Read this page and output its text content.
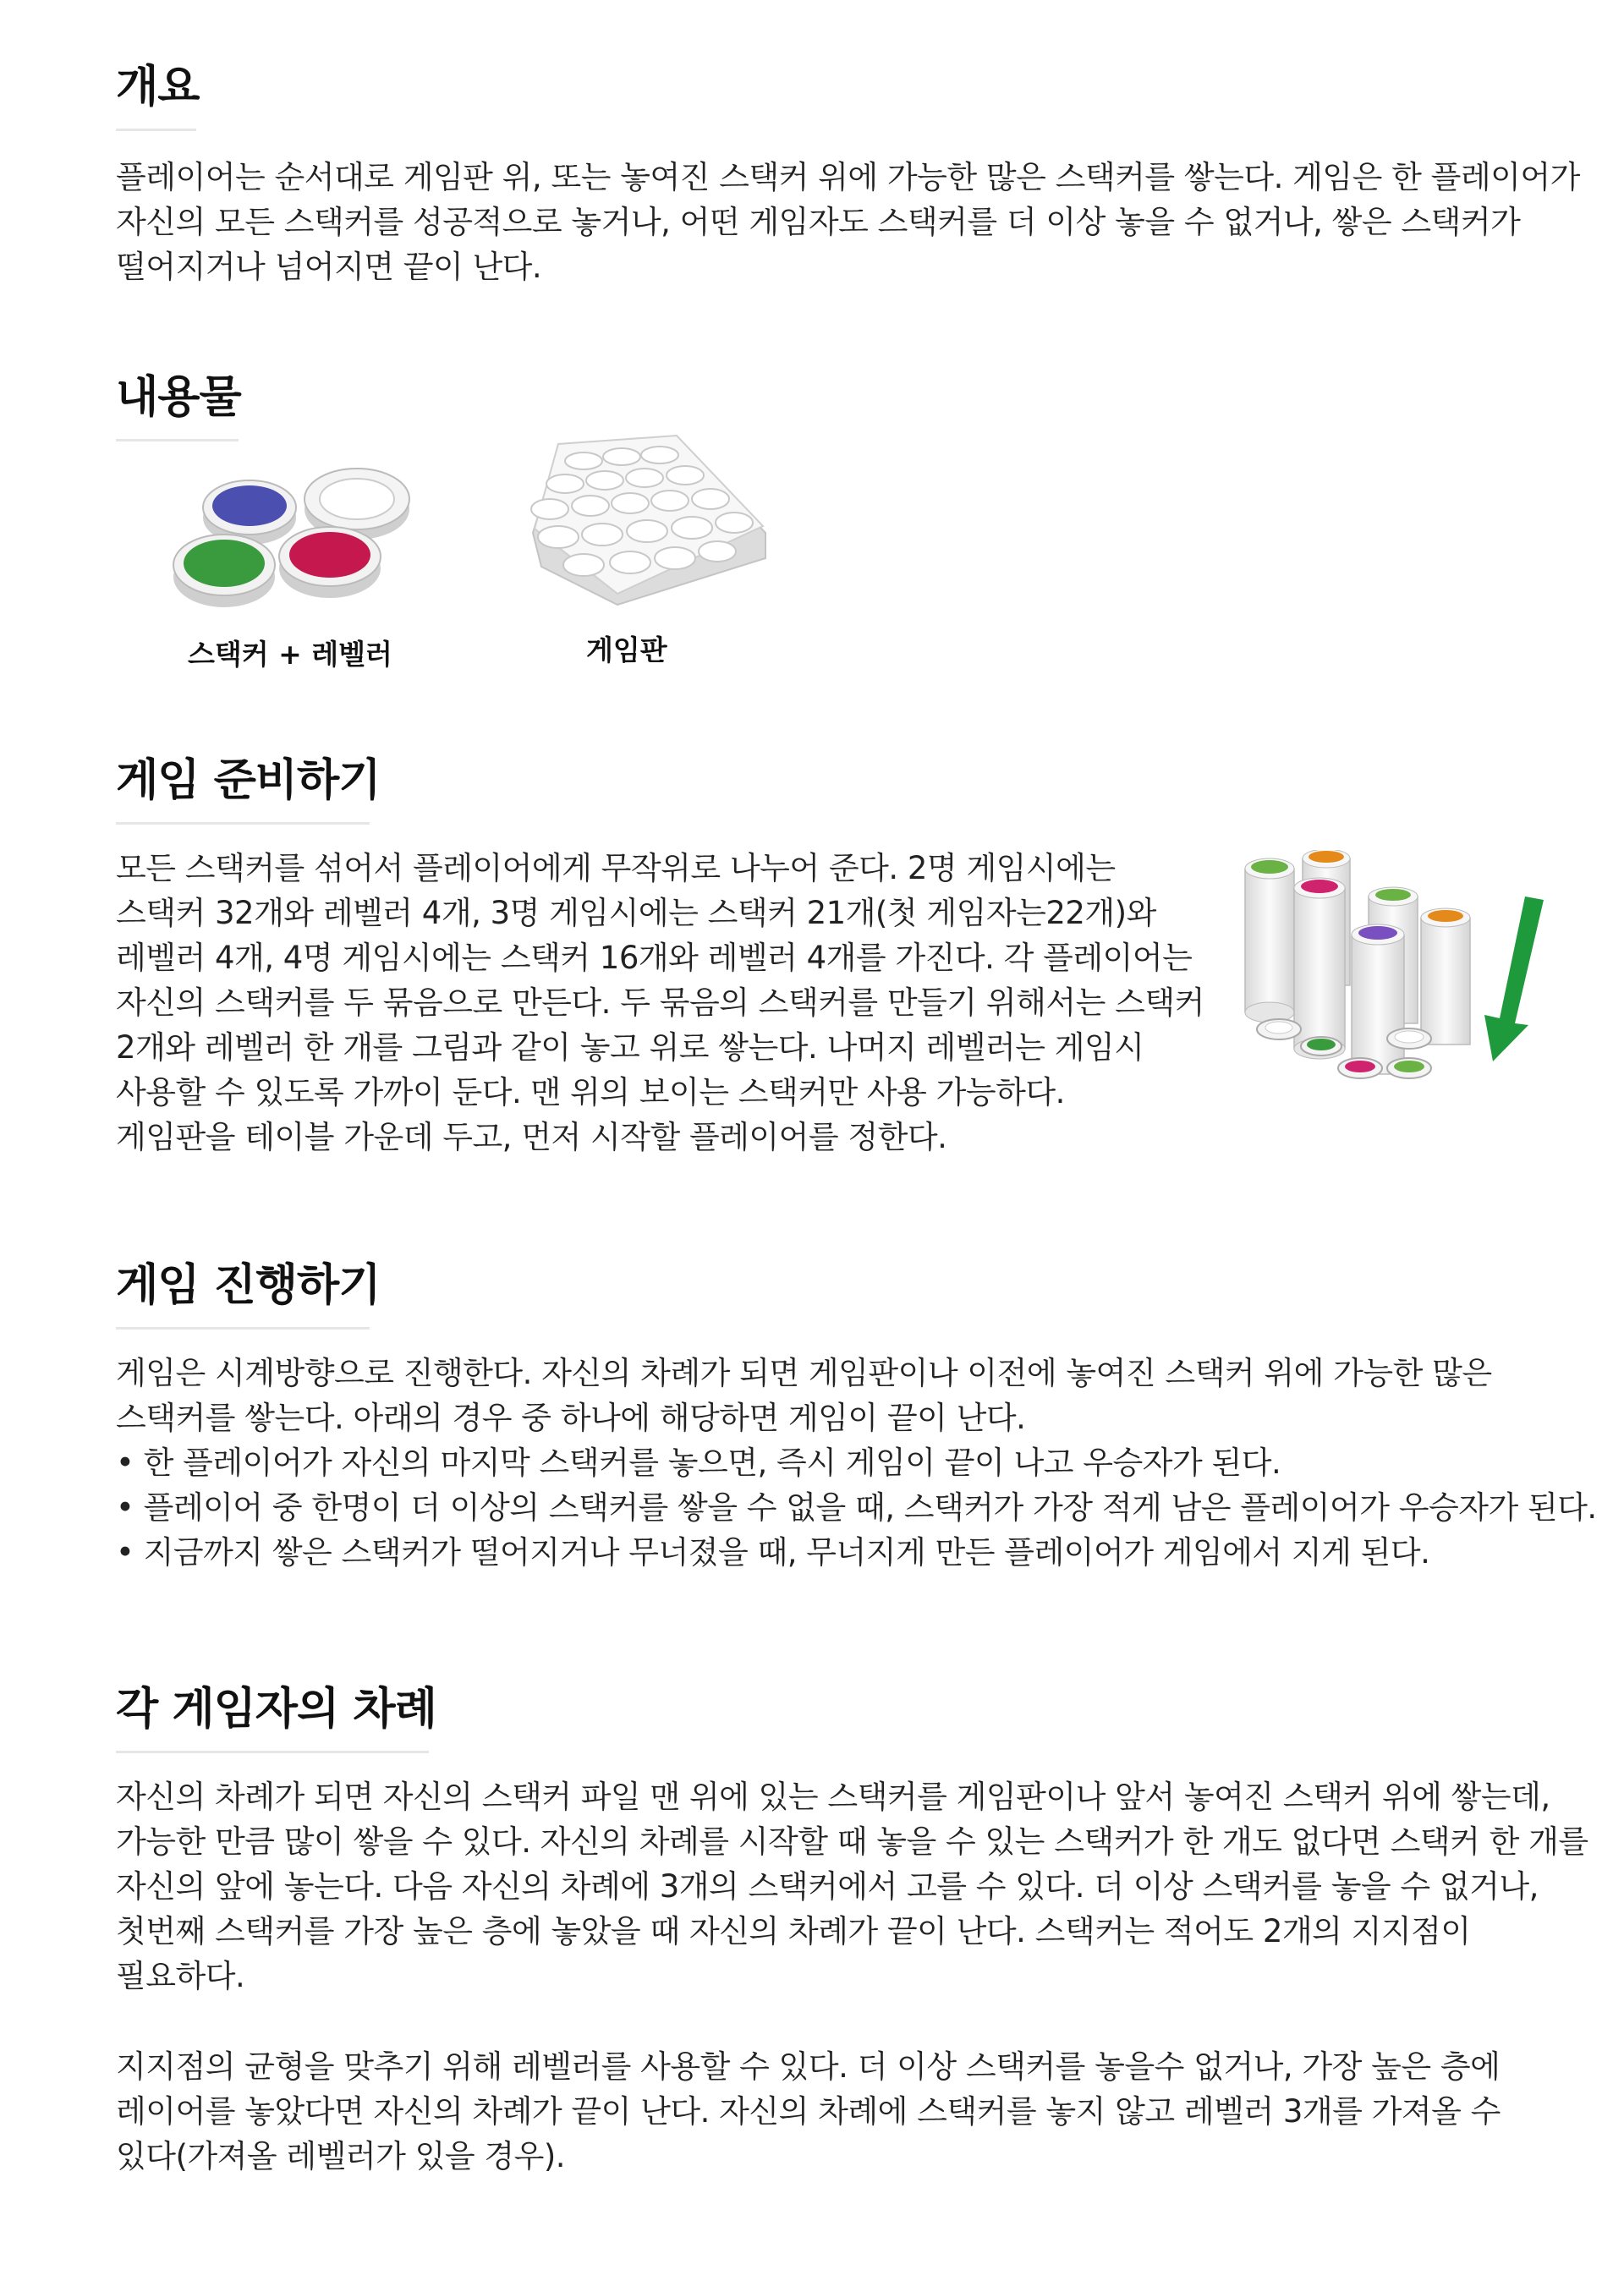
개요
플레이어는 순서대로 게임판 위, 또는 놓여진 스택커 위에 가능한 많은 스택커를 쌓는다. 게임은 한 플레이어가
자신의 모든 스택커를 성공적으로 놓거나, 어떤 게임자도 스택커를 더 이상 놓을 수 없거나, 쌓은 스택커가
떨어지거나 넘어지면 끝이 난다.
내용물
스택커 + 레벨러	게임판
게임 준비하기
모든 스택커를 섞어서 플레이어에게 무작위로 나누어 준다. 2명 게임시에는
스택커 32개와 레벨러 4개, 3명 게임시에는 스택커 21개(첫 게임자는22개)와
레벨러 4개, 4명 게임시에는 스택커 16개와 레벨러 4개를 가진다. 각 플레이어는
자신의 스택커를 두 묶음으로 만든다. 두 묶음의 스택커를 만들기 위해서는 스택커
2개와 레벨러 한 개를 그림과 같이 놓고 위로 쌓는다. 나머지 레벨러는 게임시
사용할 수 있도록 가까이 둔다. 맨 위의 보이는 스택커만 사용 가능하다.
게임판을 테이블 가운데 두고, 먼저 시작할 플레이어를 정한다.
게임 진행하기
게임은 시계방향으로 진행한다. 자신의 차례가 되면 게임판이나 이전에 놓여진 스택커 위에 가능한 많은
스택커를 쌓는다. 아래의 경우 중 하나에 해당하면 게임이 끝이 난다.
• 한 플레이어가 자신의 마지막 스택커를 놓으면, 즉시 게임이 끝이 나고 우승자가 된다.
• 플레이어 중 한명이 더 이상의 스택커를 쌓을 수 없을 때, 스택커가 가장 적게 남은 플레이어가 우승자가 된다.
• 지금까지 쌓은 스택커가 떨어지거나 무너졌을 때, 무너지게 만든 플레이어가 게임에서 지게 된다.
각 게임자의 차례
자신의 차례가 되면 자신의 스택커 파일 맨 위에 있는 스택커를 게임판이나 앞서 놓여진 스택커 위에 쌓는데,
가능한 만큼 많이 쌓을 수 있다. 자신의 차례를 시작할 때 놓을 수 있는 스택커가 한 개도 없다면 스택커 한 개를
자신의 앞에 놓는다. 다음 자신의 차례에 3개의 스택커에서 고를 수 있다. 더 이상 스택커를 놓을 수 없거나,
첫번째 스택커를 가장 높은 층에 놓았을 때 자신의 차례가 끝이 난다. 스택커는 적어도 2개의 지지점이
필요하다.
지지점의 균형을 맞추기 위해 레벨러를 사용할 수 있다. 더 이상 스택커를 놓을수 없거나, 가장 높은 층에
레이어를 놓았다면 자신의 차례가 끝이 난다. 자신의 차례에 스택커를 놓지 않고 레벨러 3개를 가져올 수
있다(가져올 레벨러가 있을 경우).
